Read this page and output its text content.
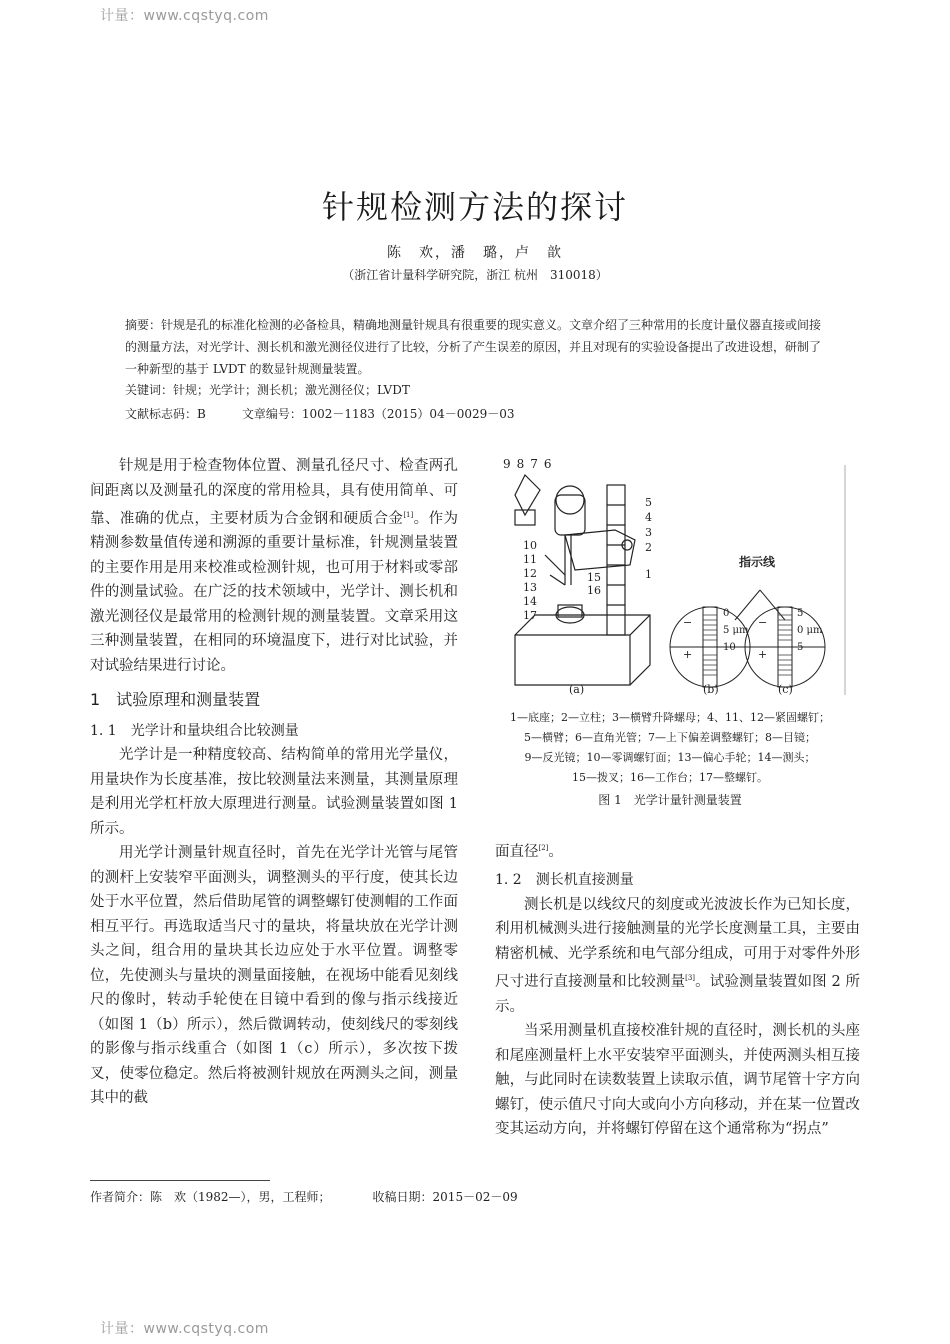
计量：www.cqstyq.com
计量：www.cqstyq.com
针规检测方法的探讨
陈　欢，潘　璐，卢　歆
（浙江省计量科学研究院，浙江 杭州　310018）
摘要：针规是孔的标准化检测的必备检具，精确地测量针规具有很重要的现实意义。文章介绍了三种常用的长度计量仪器直接或间接的测量方法，对光学计、测长机和激光测径仪进行了比较，分析了产生误差的原因，并且对现有的实验设备提出了改进设想，研制了一种新型的基于 LVDT 的数显针规测量装置。
关键词：针规；光学计；测长机；激光测径仪；LVDT
文献标志码：B　　　文章编号：1002－1183（2015）04－0029－03

针规是用于检查物体位置、测量孔径尺寸、检查两孔间距离以及测量孔的深度的常用检具，具有使用简单、可靠、准确的优点，主要材质为合金钢和硬质合金[1]。作为精测参数量值传递和溯源的重要计量标准，针规测量装置的主要作用是用来校准或检测针规，也可用于材料或零部件的测量试验。在广泛的技术领域中，光学计、测长机和激光测径仪是最常用的检测针规的测量装置。文章采用这三种测量装置，在相同的环境温度下，进行对比试验，并对试验结果进行讨论。

1　试验原理和测量装置
1. 1　光学计和量块组合比较测量

光学计是一种精度较高、结构简单的常用光学量仪，用量块作为长度基准，按比较测量法来测量，其测量原理是利用光学杠杆放大原理进行测量。试验测量装置如图 1 所示。

用光学计测量针规直径时，首先在光学计光管与尾管的测杆上安装窄平面测头，调整测头的平行度，使其长边处于水平位置，然后借助尾管的调整螺钉使测帽的工作面相互平行。再选取适当尺寸的量块，将量块放在光学计测头之间，组合用的量块其长边应处于水平位置。调整零位，先使测头与量块的测量面接触，在视场中能看见刻线尺的像时，转动手轮使在目镜中看到的像与指示线接近（如图 1（b）所示），然后微调转动，使刻线尺的零刻线的影像与指示线重合（如图 1（c）所示），多次按下拨叉，使零位稳定。然后将被测针规放在两测头之间，测量其中的截

作者简介：陈　欢（1982—），男，工程师；　　　　收稿日期：2015－02－09
9876
10
11
12
13
14
17
15
16
5
4
3
2
1
指示线
−
+
0
5 μm
10
−
+
5
0 μm
5
(a)	(b)	(c)
1—底座；2—立柱；3—横臂升降螺母；4、11、12—紧固螺钉；
5—横臂；6—直角光管；7—上下偏差调整螺钉；8—目镜；
9—反光镜；10—零调螺钉面；13—偏心手轮；14—测头；
15—拨叉；16—工作台；17—整螺钉。
图 1　光学计量针测量装置
面直径[2]。
1. 2　测长机直接测量

测长机是以线纹尺的刻度或光波波长作为已知长度，利用机械测头进行接触测量的光学长度测量工具，主要由精密机械、光学系统和电气部分组成，可用于对零件外形尺寸进行直接测量和比较测量[3]。试验测量装置如图 2 所示。

当采用测量机直接校准针规的直径时，测长机的头座和尾座测量杆上水平安装窄平面测头，并使两测头相互接触，与此同时在读数装置上读取示值，调节尾管十字方向螺钉，使示值尺寸向大或向小方向移动，并在某一位置改变其运动方向，并将螺钉停留在这个通常称为“拐点”
